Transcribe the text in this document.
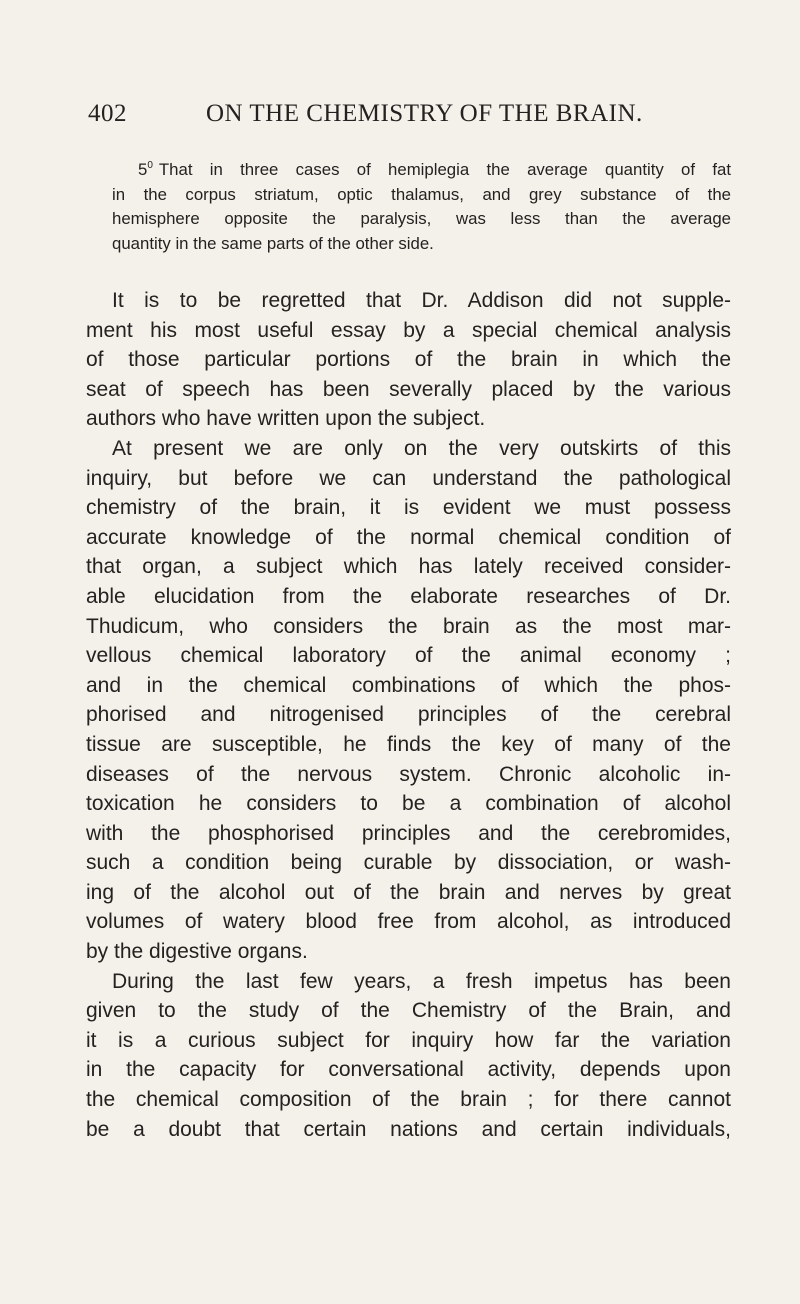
402	ON THE CHEMISTRY OF THE BRAIN.
$5^0$ That in three cases of hemiplegia the average quantity of fat
in the corpus striatum, optic thalamus, and grey substance of the
hemisphere opposite the paralysis, was less than the average
quantity in the same parts of the other side.
It is to be regretted that Dr. Addison did not supple-
ment his most useful essay by a special chemical analysis
of those particular portions of the brain in which the
seat of speech has been severally placed by the various
authors who have written upon the subject.
At present we are only on the very outskirts of this
inquiry, but before we can understand the pathological
chemistry of the brain, it is evident we must possess
accurate knowledge of the normal chemical condition of
that organ, a subject which has lately received consider-
able elucidation from the elaborate researches of Dr.
Thudicum, who considers the brain as the most mar-
vellous chemical laboratory of the animal economy ;
and in the chemical combinations of which the phos-
phorised and nitrogenised principles of the cerebral
tissue are susceptible, he finds the key of many of the
diseases of the nervous system. Chronic alcoholic in-
toxication he considers to be a combination of alcohol
with the phosphorised principles and the cerebromides,
such a condition being curable by dissociation, or wash-
ing of the alcohol out of the brain and nerves by great
volumes of watery blood free from alcohol, as introduced
by the digestive organs.
During the last few years, a fresh impetus has been
given to the study of the Chemistry of the Brain, and
it is a curious subject for inquiry how far the variation
in the capacity for conversational activity, depends upon
the chemical composition of the brain ; for there cannot
be a doubt that certain nations and certain individuals,
